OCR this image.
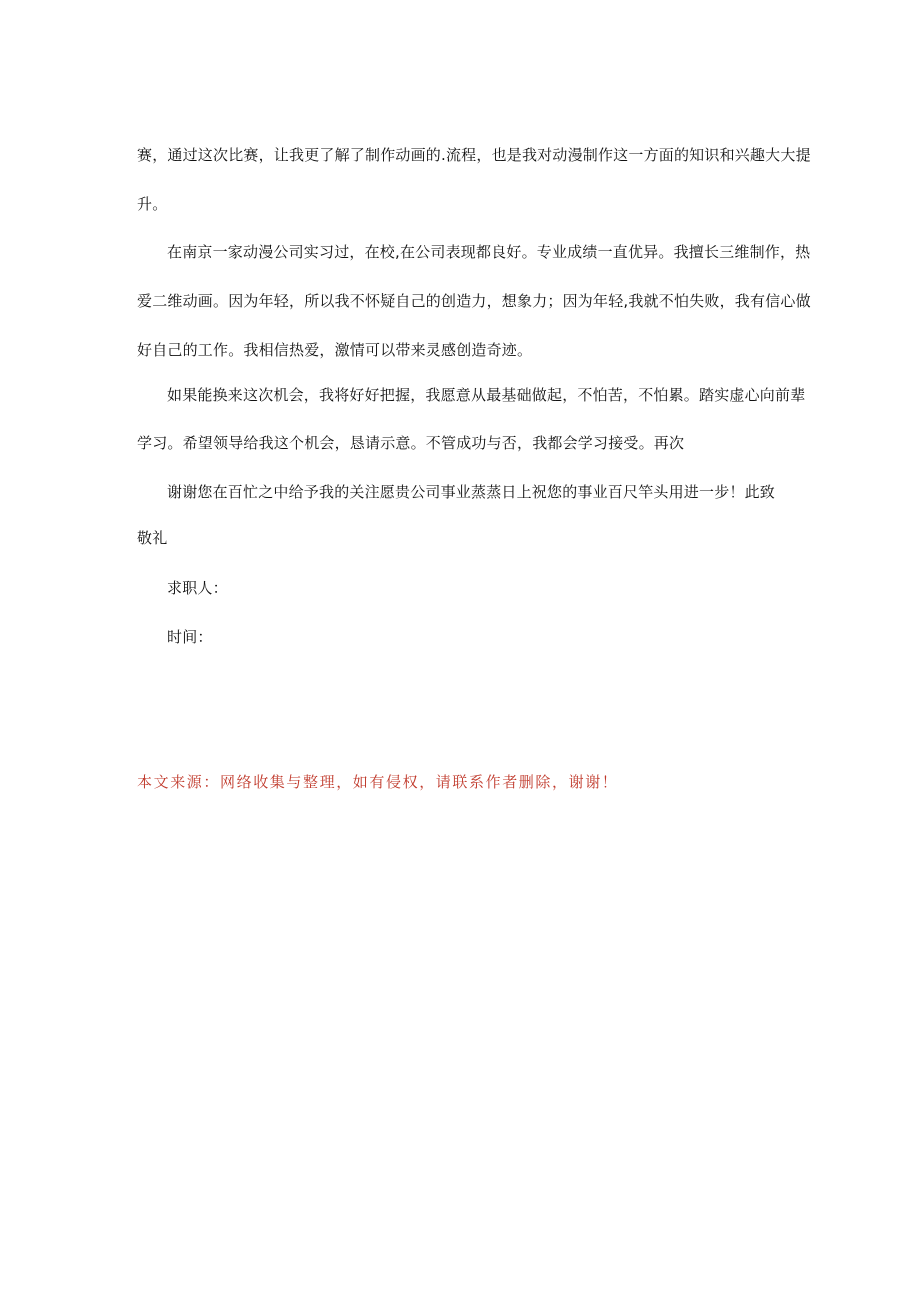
赛，通过这次比赛，让我更了解了制作动画的.流程，也是我对动漫制作这一方面的知识和兴趣大大提
升。
在南京一家动漫公司实习过，在校,在公司表现都良好。专业成绩一直优异。我擅长三维制作，热
爱二维动画。因为年轻，所以我不怀疑自己的创造力，想象力；因为年轻,我就不怕失败，我有信心做
好自己的工作。我相信热爱，激情可以带来灵感创造奇迹。
如果能换来这次机会，我将好好把握，我愿意从最基础做起，不怕苦，不怕累。踏实虚心向前辈
学习。希望领导给我这个机会，恳请示意。不管成功与否，我都会学习接受。再次
谢谢您在百忙之中给予我的关注愿贵公司事业蒸蒸日上祝您的事业百尺竿头用进一步！此致
敬礼
求职人：
时间：
本文来源：网络收集与整理，如有侵权，请联系作者删除，谢谢！
